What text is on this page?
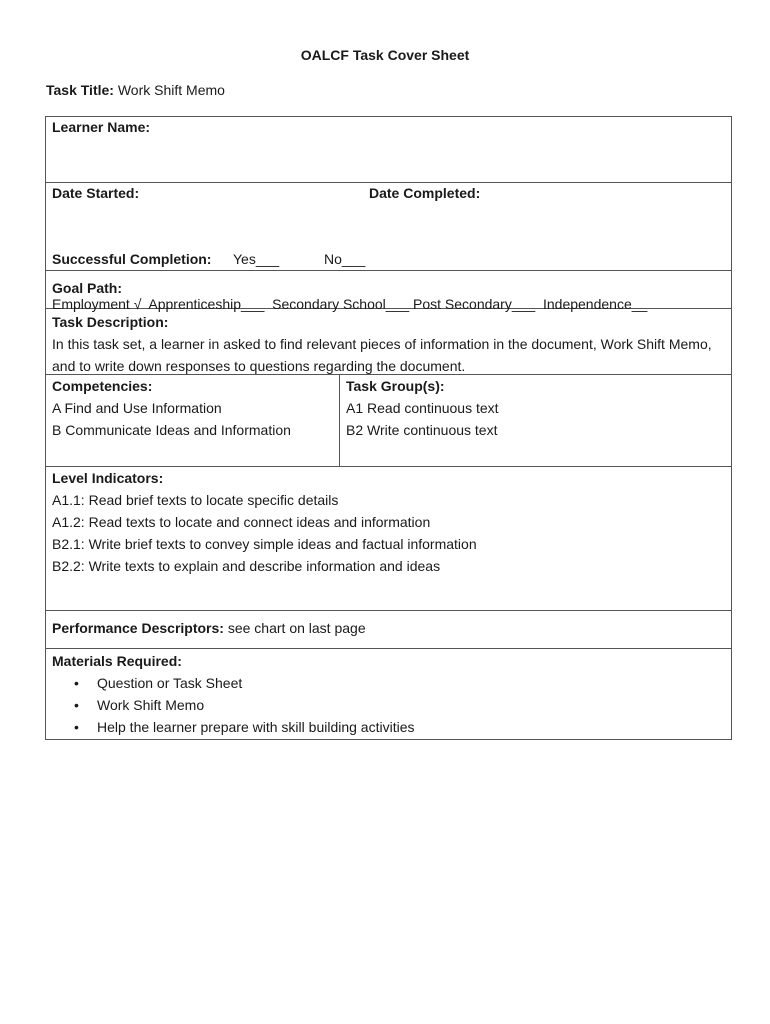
OALCF Task Cover Sheet
Task Title: Work Shift Memo
Learner Name:
Date Started:	Date Completed:
Successful Completion: Yes___	No___
Goal Path:    Employment √  Apprenticeship___  Secondary School___ Post Secondary___  Independence__
Task Description:
In this task set, a learner in asked to find relevant pieces of information in the document, Work Shift Memo,
and to write down responses to questions regarding the document.
Competencies:
A Find and Use Information
B Communicate Ideas and Information
Task Group(s):
A1 Read continuous text
B2 Write continuous text
Level Indicators:
A1.1: Read brief texts to locate specific details
A1.2: Read texts to locate and connect ideas and information
B2.1: Write brief texts to convey simple ideas and factual information
B2.2: Write texts to explain and describe information and ideas
Performance Descriptors: see chart on last page
Materials Required:
• Question or Task Sheet
• Work Shift Memo
• Help the learner prepare with skill building activities
